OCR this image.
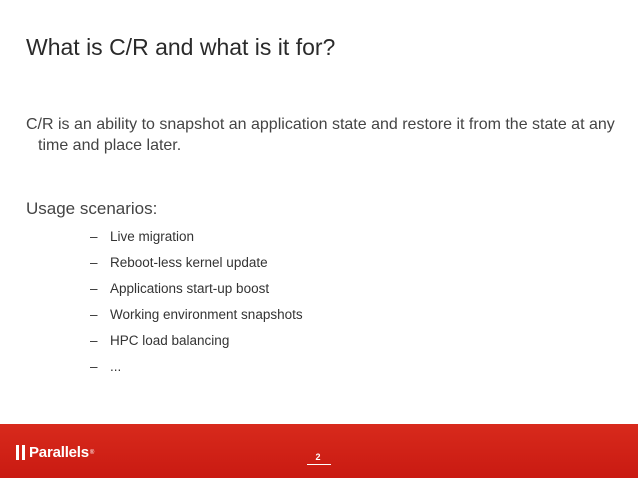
What is C/R and what is it for?
C/R is an ability to snapshot an application state and restore it from the state at any time and place later.
Usage scenarios:
– Live migration
– Reboot-less kernel update
– Applications start-up boost
– Working environment snapshots
– HPC load balancing
– ...
Parallels ®	2
